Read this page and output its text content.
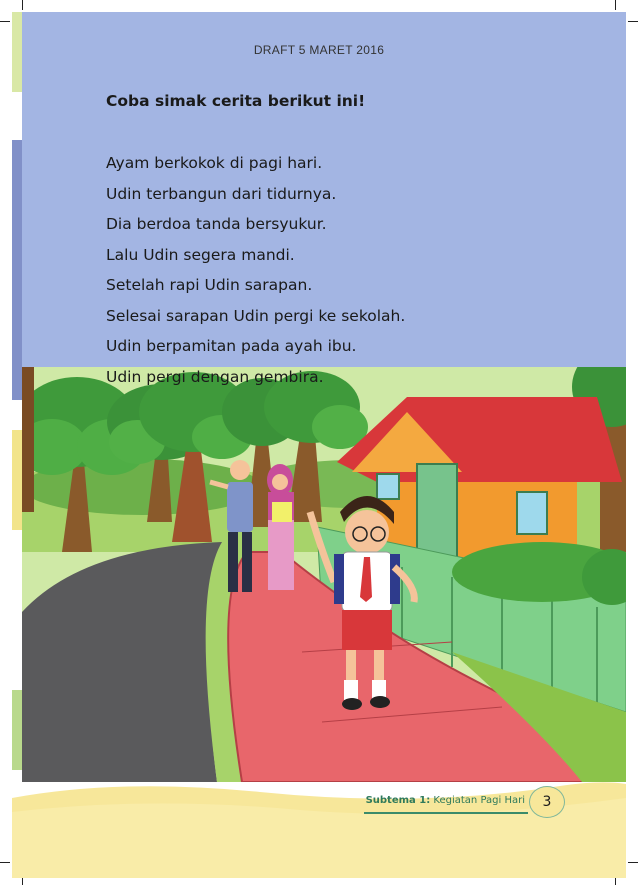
DRAFT 5 MARET 2016
Coba simak cerita berikut ini!
Ayam berkokok di pagi hari.
Udin terbangun dari tidurnya.
Dia berdoa tanda bersyukur.
Lalu Udin segera mandi.
Setelah rapi Udin sarapan.
Selesai sarapan Udin pergi ke sekolah.
Udin berpamitan pada ayah ibu.
Udin pergi dengan gembira.
Subtema 1: Kegiatan Pagi Hari	3
